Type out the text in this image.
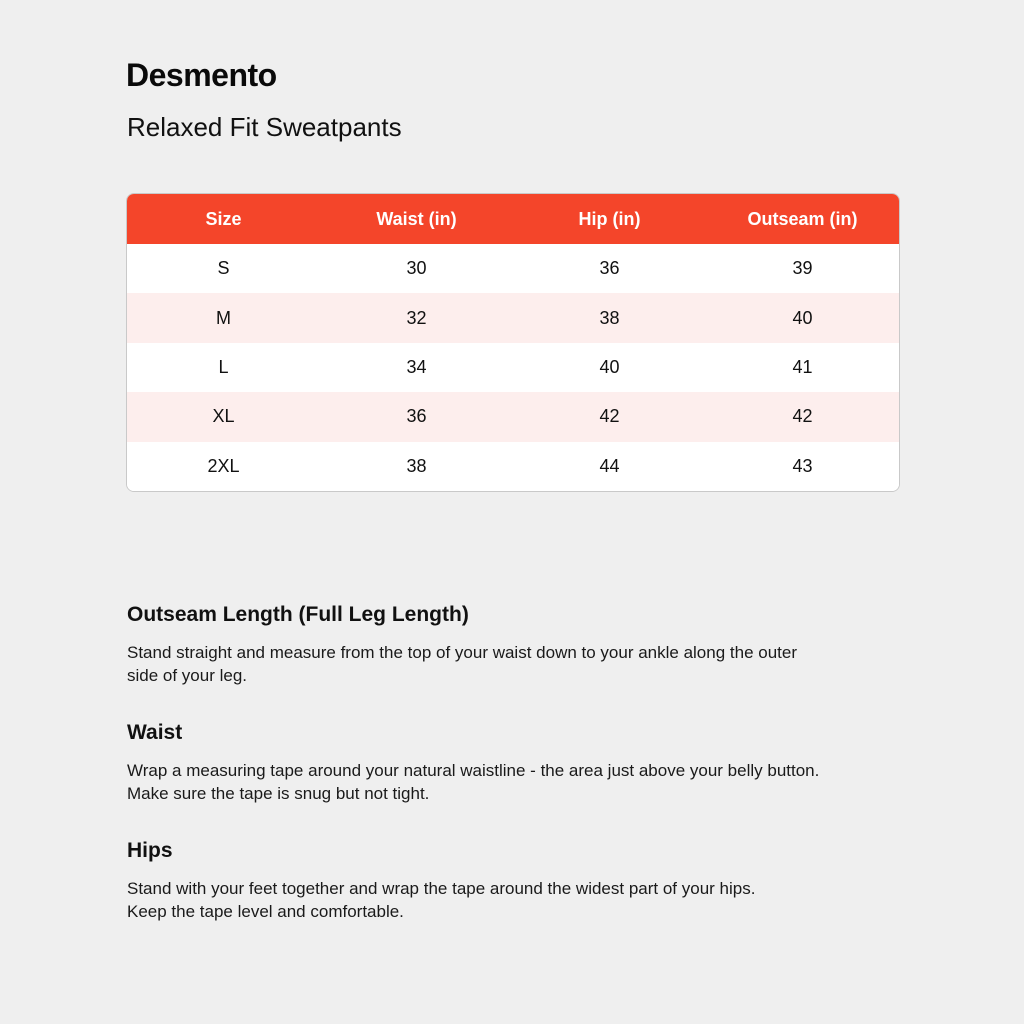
Desmento
Relaxed Fit Sweatpants
Size	Waist (in)	Hip (in)	Outseam (in)
S	30	36	39
M	32	38	40
L	34	40	41
XL	36	42	42
2XL	38	44	43
Outseam Length (Full Leg Length)

Stand straight and measure from the top of your waist down to your ankle along the outer
side of your leg.

Waist

Wrap a measuring tape around your natural waistline - the area just above your belly button.
Make sure the tape is snug but not tight.

Hips

Stand with your feet together and wrap the tape around the widest part of your hips.
Keep the tape level and comfortable.
